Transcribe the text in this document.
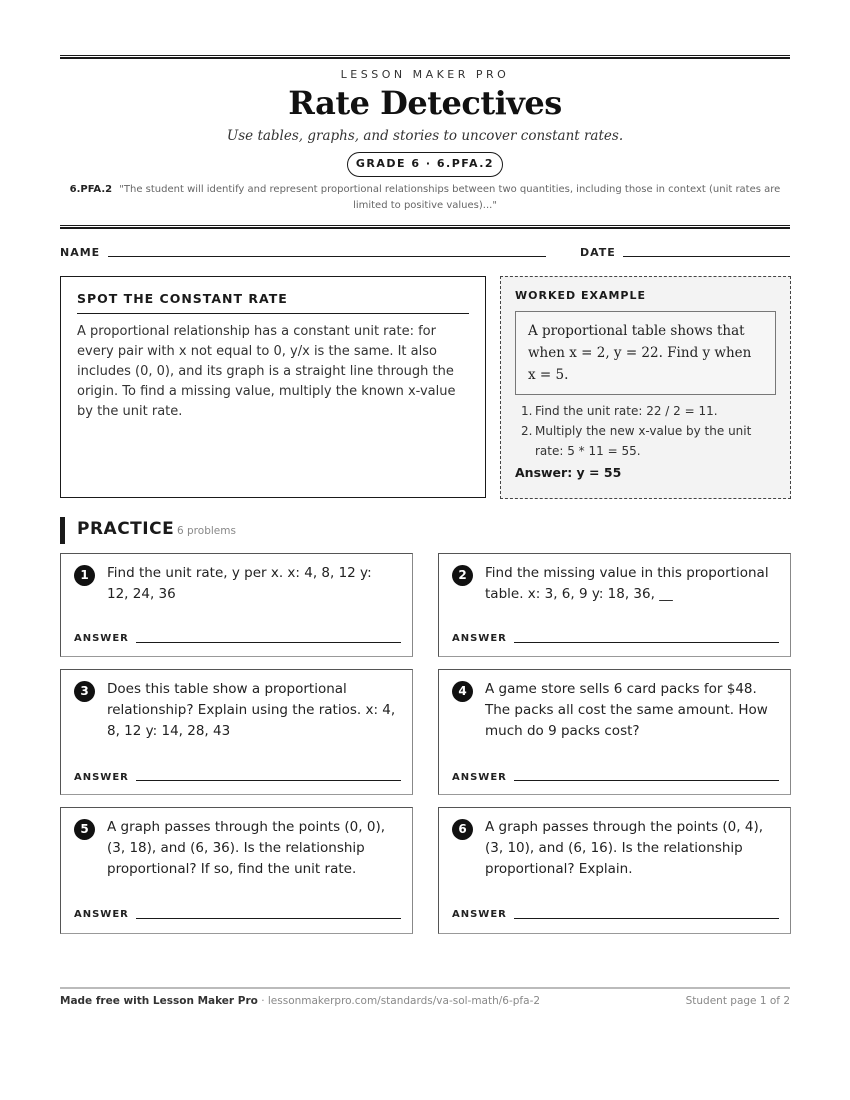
LESSON MAKER PRO
Rate Detectives
Use tables, graphs, and stories to uncover constant rates.
GRADE 6 · 6.PFA.2
6.PFA.2 "The student will identify and represent proportional relationships between two quantities, including those in context (unit rates are limited to positive values)..."
NAME	DATE
SPOT THE CONSTANT RATE

A proportional relationship has a constant unit rate: for every pair with x not equal to 0, y/x is the same. It also includes (0, 0), and its graph is a straight line through the origin. To find a missing value, multiply the known x-value by the unit rate.

WORKED EXAMPLE
A proportional table shows that when x = 2, y = 22. Find y when x = 5.
1. Find the unit rate: 22 / 2 = 11.
2. Multiply the new x-value by the unit rate: 5 * 11 = 55.
Answer: y = 55
PRACTICE 6 problems
1	Find the unit rate, y per x. x: 4, 8, 12 y: 12, 24, 36
ANSWER
2	Find the missing value in this proportional table. x: 3, 6, 9 y: 18, 36, __
ANSWER
3	Does this table show a proportional relationship? Explain using the ratios. x: 4, 8, 12 y: 14, 28, 43
ANSWER
4	A game store sells 6 card packs for $48. The packs all cost the same amount. How much do 9 packs cost?
ANSWER
5	A graph passes through the points (0, 0), (3, 18), and (6, 36). Is the relationship proportional? If so, find the unit rate.
ANSWER
6	A graph passes through the points (0, 4), (3, 10), and (6, 16). Is the relationship proportional? Explain.
ANSWER
Made free with Lesson Maker Pro · lessonmakerpro.com/standards/va-sol-math/6-pfa-2	Student page 1 of 2
